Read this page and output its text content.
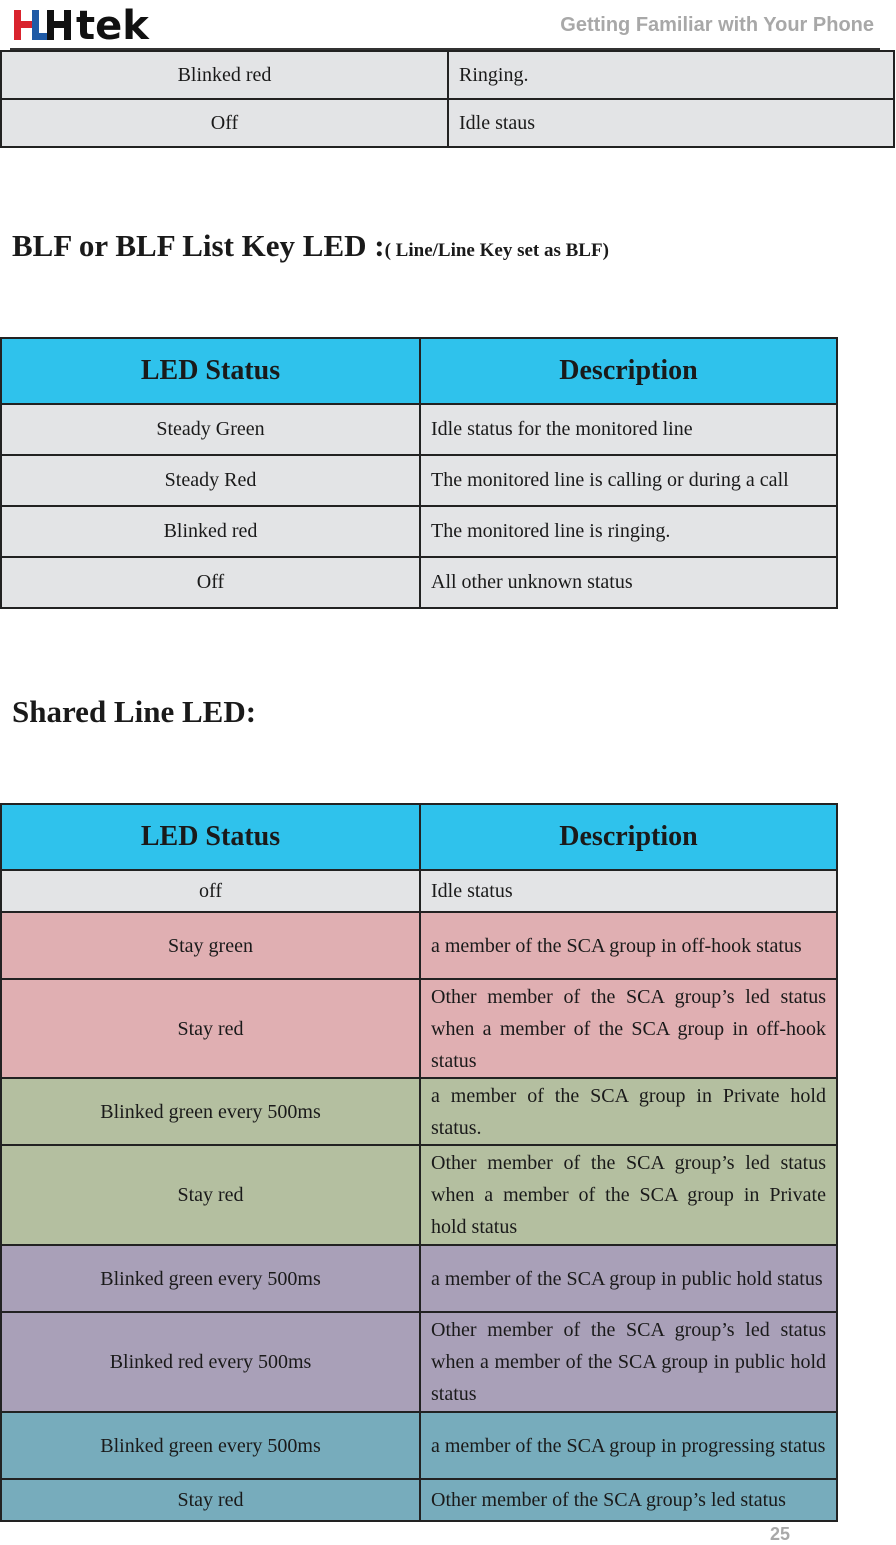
tek	Getting Familiar with Your Phone
Blinked red	Ringing.
Off	Idle staus
BLF or BLF List Key LED :( Line/Line Key set as BLF)
LED Status	Description
Steady Green	Idle status for the monitored line
Steady Red	The monitored line is calling or during a call
Blinked red	The monitored line is ringing.
Off	All other unknown status
Shared Line LED:
LED Status	Description
off	Idle status
Stay green	a member of the SCA group in off-hook status
Stay red	Other member of the SCA group’s led status when a member of the SCA group in off-hook status
Blinked green every 500ms	a member of the SCA group in Private hold status.
Stay red	Other member of the SCA group’s led status when a member of the SCA group in Private hold status
Blinked green every 500ms	a member of the SCA group in public hold status
Blinked red every 500ms	Other member of the SCA group’s led status when a member of the SCA group in public hold status
Blinked green every 500ms	a member of the SCA group in progressing status
Stay red	Other member of the SCA group’s led status
25
